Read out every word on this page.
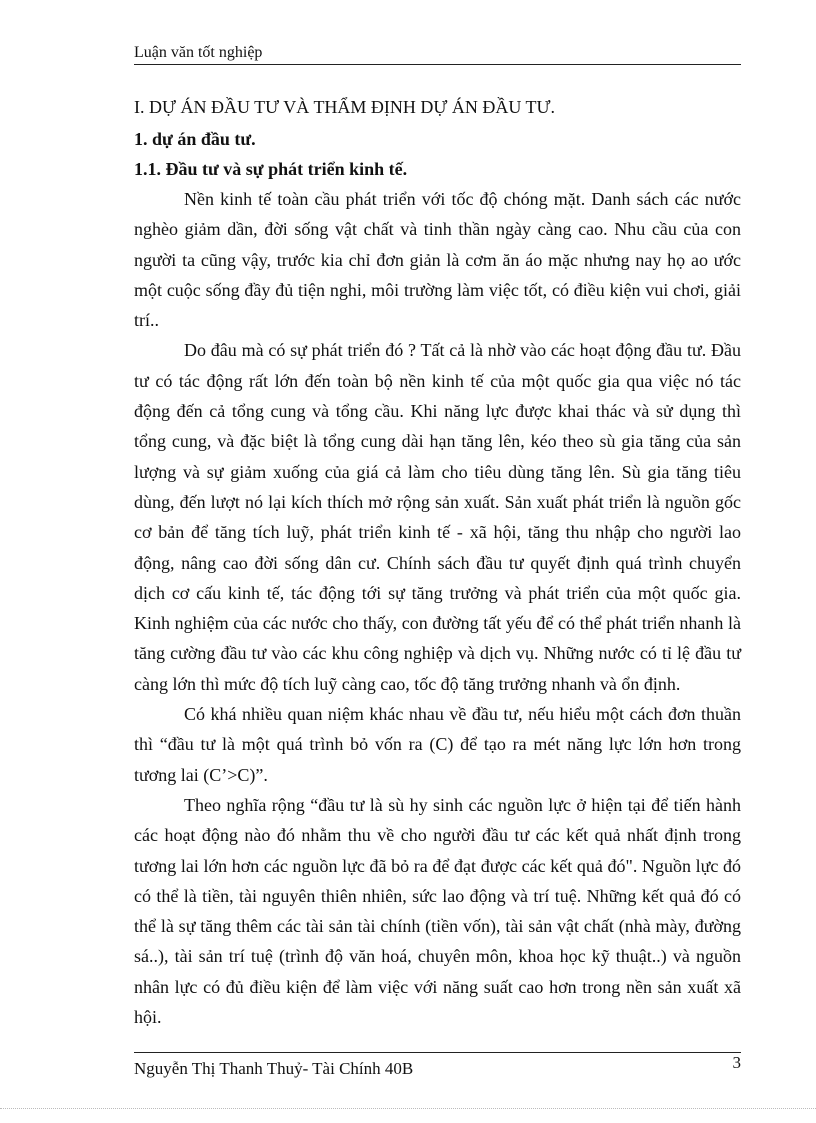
Luận văn tốt nghiệp
I. DỰ ÁN ĐẦU TƯ VÀ THẨM ĐỊNH DỰ ÁN ĐẦU TƯ.
1. dự án đầu tư.
1.1. Đầu tư và sự phát triển kinh tế.

Nền kinh tế toàn cầu phát triển với tốc độ chóng mặt. Danh sách các nước nghèo giảm dần, đời sống vật chất và tinh thần ngày càng cao. Nhu cầu của con người ta cũng vậy, trước kia chỉ đơn giản là cơm ăn áo mặc nhưng nay họ ao ước một cuộc sống đầy đủ tiện nghi, môi trường làm việc tốt, có điều kiện vui chơi, giải trí..

Do đâu mà có sự phát triển đó ? Tất cả là nhờ vào các hoạt động đầu tư. Đầu tư có tác động rất lớn đến toàn bộ nền kinh tế của một quốc gia qua việc nó tác động đến cả tổng cung và tổng cầu. Khi năng lực được khai thác và sử dụng thì tổng cung, và đặc biệt là tổng cung dài hạn tăng lên, kéo theo sù gia tăng của sản lượng và sự giảm xuống của giá cả làm cho tiêu dùng tăng lên. Sù gia tăng tiêu dùng, đến lượt nó lại kích thích mở rộng sản xuất. Sản xuất phát triển là nguồn gốc cơ bản để tăng tích luỹ, phát triển kinh tế - xã hội, tăng thu nhập cho người lao động, nâng cao đời sống dân cư. Chính sách đầu tư quyết định quá trình chuyển dịch cơ cấu kinh tế, tác động tới sự tăng trưởng và phát triển của một quốc gia. Kinh nghiệm của các nước cho thấy, con đường tất yếu để có thể phát triển nhanh là tăng cường đầu tư vào các khu công nghiệp và dịch vụ. Những nước có tỉ lệ đầu tư càng lớn thì mức độ tích luỹ càng cao, tốc độ tăng trưởng nhanh và ổn định.

Có khá nhiều quan niệm khác nhau về đầu tư, nếu hiểu một cách đơn thuần thì “đầu tư là một quá trình bỏ vốn ra (C) để tạo ra mét năng lực lớn hơn trong tương lai (C’>C)”.

Theo nghĩa rộng “đầu tư là sù hy sinh các nguồn lực ở hiện tại để tiến hành các hoạt động nào đó nhằm thu về cho người đầu tư các kết quả nhất định trong tương lai lớn hơn các nguồn lực đã bỏ ra để đạt được các kết quả đó". Nguồn lực đó có thể là tiền, tài nguyên thiên nhiên, sức lao động và trí tuệ. Những kết quả đó có thể là sự tăng thêm các tài sản tài chính (tiền vốn), tài sản vật chất (nhà mày, đường sá..), tài sản trí tuệ (trình độ văn hoá, chuyên môn, khoa học kỹ thuật..) và nguồn nhân lực có đủ điều kiện để làm việc với năng suất cao hơn trong nền sản xuất xã hội.

Nguyễn Thị Thanh Thuỷ- Tài Chính 40B	3
